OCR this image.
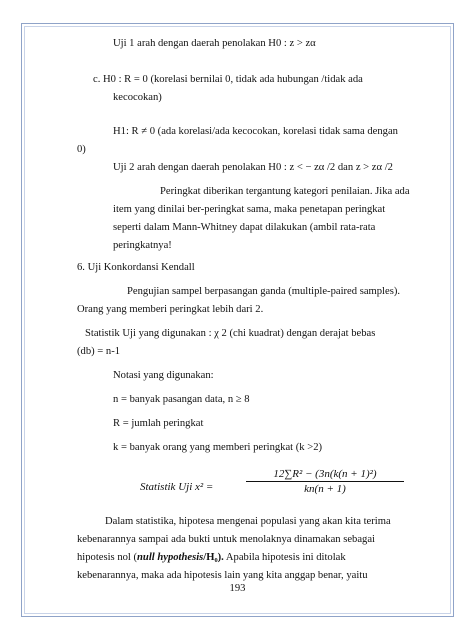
Uji 1 arah dengan daerah penolakan H0 : z > zα
c. H0 : R = 0 (korelasi bernilai 0, tidak ada hubungan /tidak ada
kecocokan)
H1: R ≠ 0 (ada korelasi/ada kecocokan, korelasi tidak sama dengan
0)
Uji 2 arah dengan daerah penolakan H0 : z < − zα /2 dan z > zα /2
Peringkat diberikan tergantung kategori penilaian. Jika ada
item yang dinilai ber-peringkat sama, maka penetapan peringkat
seperti dalam Mann-Whitney dapat dilakukan (ambil rata-rata
peringkatnya!
6. Uji Konkordansi Kendall
Pengujian sampel berpasangan ganda (multiple-paired samples).
Orang yang memberi peringkat lebih dari 2.
Statistik Uji yang digunakan : χ 2 (chi kuadrat) dengan derajat bebas
(db) = n-1
Notasi yang digunakan:
n = banyak pasangan data, n ≥ 8
R = jumlah peringkat
k = banyak orang yang memberi peringkat (k >2)
Statistik Uji x² =
12∑R² − (3n(k(n + 1)²)
kn(n + 1)
Dalam statistika, hipotesa mengenai populasi yang akan kita terima
kebenarannya sampai ada bukti untuk menolaknya dinamakan sebagai
hipotesis nol (null hypothesis/H₀). Apabila hipotesis ini ditolak
kebenarannya, maka ada hipotesis lain yang kita anggap benar, yaitu
193
